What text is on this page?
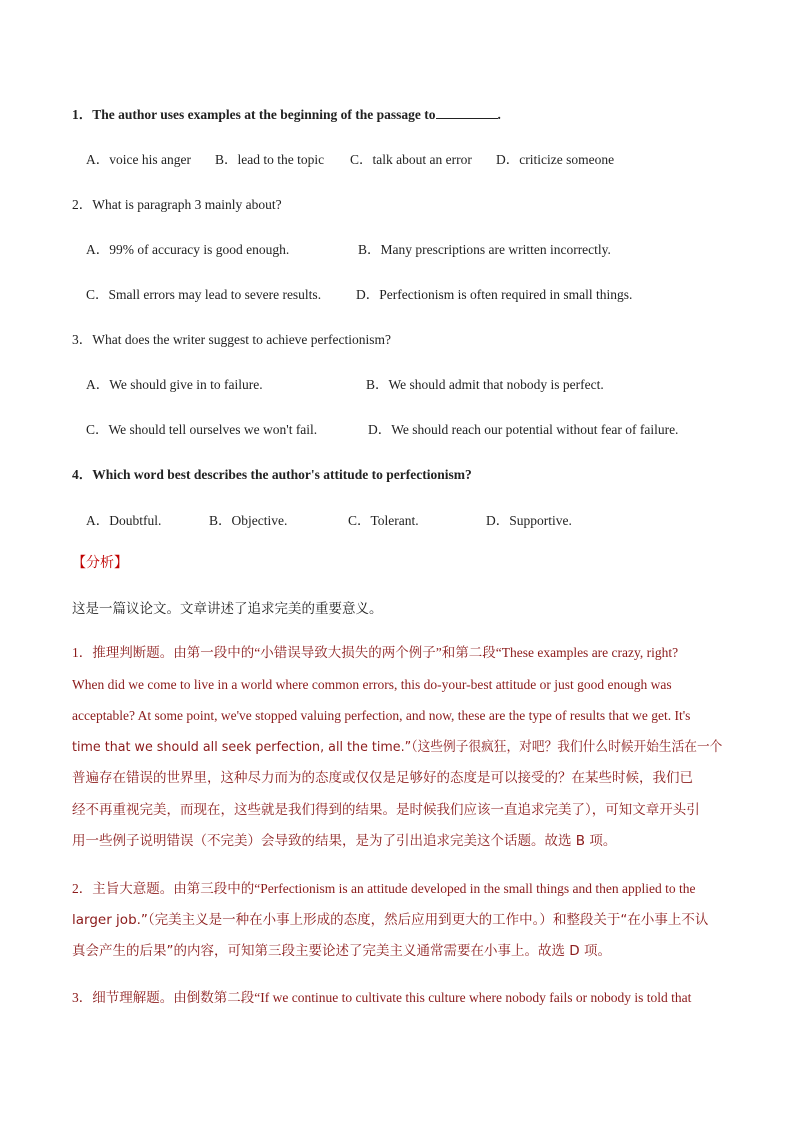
1．The author uses examples at the beginning of the passage to	.
A．voice his anger B．lead to the topic C．talk about an error D．criticize someone
2．What is paragraph 3 mainly about?
A．99% of accuracy is good enough.	B．Many prescriptions are written incorrectly.
C．Small errors may lead to severe results.	D．Perfectionism is often required in small things.
3．What does the writer suggest to achieve perfectionism?
A．We should give in to failure.	B．We should admit that nobody is perfect.
C．We should tell ourselves we won't fail.	D．We should reach our potential without fear of failure.
4．Which word best describes the author's attitude to perfectionism?
A．Doubtful.	B．Objective.	C．Tolerant.	D．Supportive.
【分析】
这是一篇议论文。文章讲述了追求完美的重要意义。
1．推理判断题。由第一段中的“小错误导致大损失的两个例子”和第二段“These examples are crazy, right?
When did we come to live in a world where common errors, this do-your-best attitude or just good enough was
acceptable? At some point, we've stopped valuing perfection, and now, these are the type of results that we get. It's
time that we should all seek perfection, all the time.”（这些例子很疯狂，对吧？我们什么时候开始生活在一个
普遍存在错误的世界里，这种尽力而为的态度或仅仅是足够好的态度是可以接受的？在某些时候，我们已
经不再重视完美，而现在，这些就是我们得到的结果。是时候我们应该一直追求完美了），可知文章开头引
用一些例子说明错误（不完美）会导致的结果，是为了引出追求完美这个话题。故选 B 项。
2．主旨大意题。由第三段中的“Perfectionism is an attitude developed in the small things and then applied to the
larger job.”（完美主义是一种在小事上形成的态度，然后应用到更大的工作中。）和整段关于“在小事上不认
真会产生的后果”的内容，可知第三段主要论述了完美主义通常需要在小事上。故选 D 项。
3．细节理解题。由倒数第二段“If we continue to cultivate this culture where nobody fails or nobody is told that
